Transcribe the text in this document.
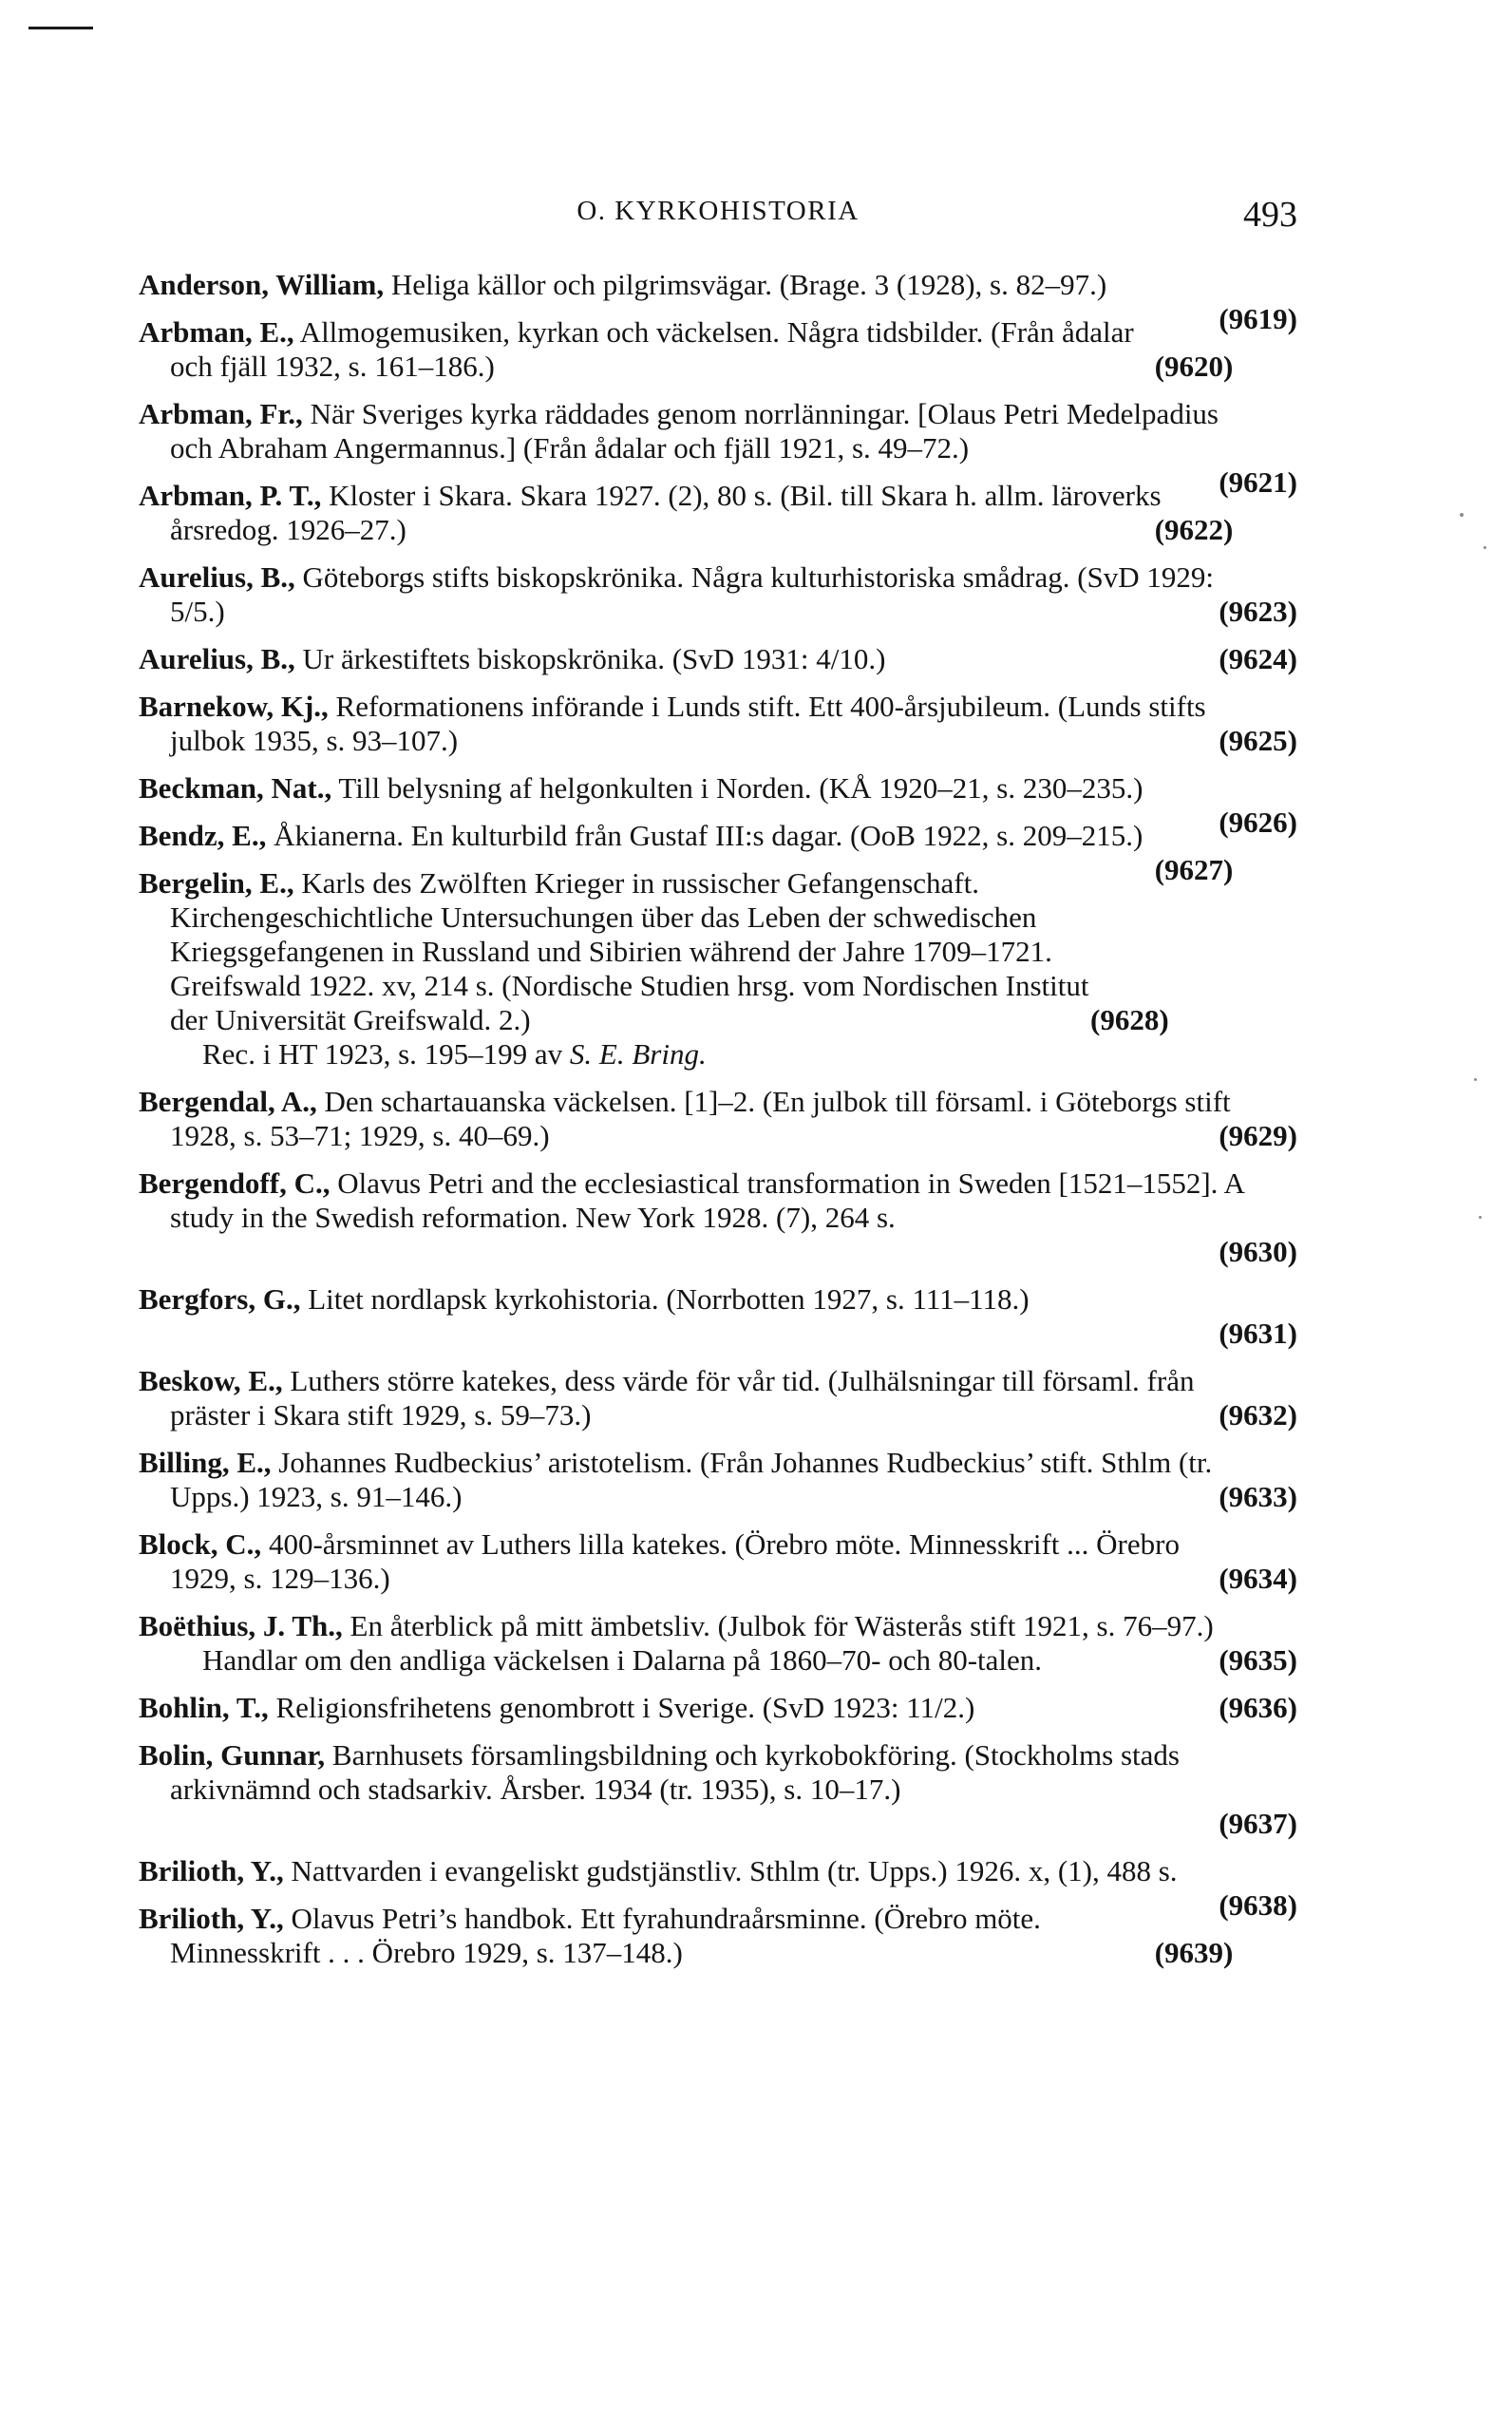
O. KYRKOHISTORIA	493
(9619)
Anderson, William, Heliga källor och pilgrimsvägar. (Brage. 3 (1928), s. 82–97.)
(9620)
Arbman, E., Allmogemusiken, kyrkan och väckelsen. Några tidsbilder. (Från ådalar och fjäll 1932, s. 161–186.)
(9621)
Arbman, Fr., När Sveriges kyrka räddades genom norrlänningar. [Olaus Petri Medelpadius och Abraham Angermannus.] (Från ådalar och fjäll 1921, s. 49–72.)
(9622)
Arbman, P. T., Kloster i Skara. Skara 1927. (2), 80 s. (Bil. till Skara h. allm. läroverks årsredog. 1926–27.)
(9623)
Aurelius, B., Göteborgs stifts biskopskrönika. Några kulturhistoriska smådrag. (SvD 1929: 5/5.)
(9624)
Aurelius, B., Ur ärkestiftets biskopskrönika. (SvD 1931: 4/10.)
(9625)
Barnekow, Kj., Reformationens införande i Lunds stift. Ett 400-årsjubileum. (Lunds stifts julbok 1935, s. 93–107.)
(9626)
Beckman, Nat., Till belysning af helgonkulten i Norden. (KÅ 1920–21, s. 230–235.)
(9627)
Bendz, E., Åkianerna. En kulturbild från Gustaf III:s dagar. (OoB 1922, s. 209–215.)
(9628)
Bergelin, E., Karls des Zwölften Krieger in russischer Gefangenschaft. Kirchengeschichtliche Untersuchungen über das Leben der schwedischen Kriegsgefangenen in Russland und Sibirien während der Jahre 1709–1721. Greifswald 1922. xv, 214 s. (Nordische Studien hrsg. vom Nordischen Institut der Universität Greifswald. 2.)
Rec. i HT 1923, s. 195–199 av S. E. Bring.
(9629)
Bergendal, A., Den schartauanska väckelsen. [1]–2. (En julbok till församl. i Göteborgs stift 1928, s. 53–71; 1929, s. 40–69.)
Bergendoff, C., Olavus Petri and the ecclesiastical transformation in Sweden [1521–1552]. A study in the Swedish reformation. New York 1928. (7), 264 s.
(9630)
Bergfors, G., Litet nordlapsk kyrkohistoria. (Norrbotten 1927, s. 111–118.)
(9631)
(9632)
Beskow, E., Luthers större katekes, dess värde för vår tid. (Julhälsningar till församl. från präster i Skara stift 1929, s. 59–73.)
(9633)
Billing, E., Johannes Rudbeckius’ aristotelism. (Från Johannes Rudbeckius’ stift. Sthlm (tr. Upps.) 1923, s. 91–146.)
(9634)
Block, C., 400-årsminnet av Luthers lilla katekes. (Örebro möte. Minnesskrift ... Örebro 1929, s. 129–136.)
(9635)
Boëthius, J. Th., En återblick på mitt ämbetsliv. (Julbok för Wästerås stift 1921, s. 76–97.)
Handlar om den andliga väckelsen i Dalarna på 1860–70- och 80-talen.
(9636)
Bohlin, T., Religionsfrihetens genombrott i Sverige. (SvD 1923: 11/2.)
Bolin, Gunnar, Barnhusets församlingsbildning och kyrkobokföring. (Stockholms stads arkivnämnd och stadsarkiv. Årsber. 1934 (tr. 1935), s. 10–17.)
(9637)
(9638)
Brilioth, Y., Nattvarden i evangeliskt gudstjänstliv. Sthlm (tr. Upps.) 1926. x, (1), 488 s.
(9639)
Brilioth, Y., Olavus Petri’s handbok. Ett fyrahundraårsminne. (Örebro möte. Minnesskrift . . . Örebro 1929, s. 137–148.)
